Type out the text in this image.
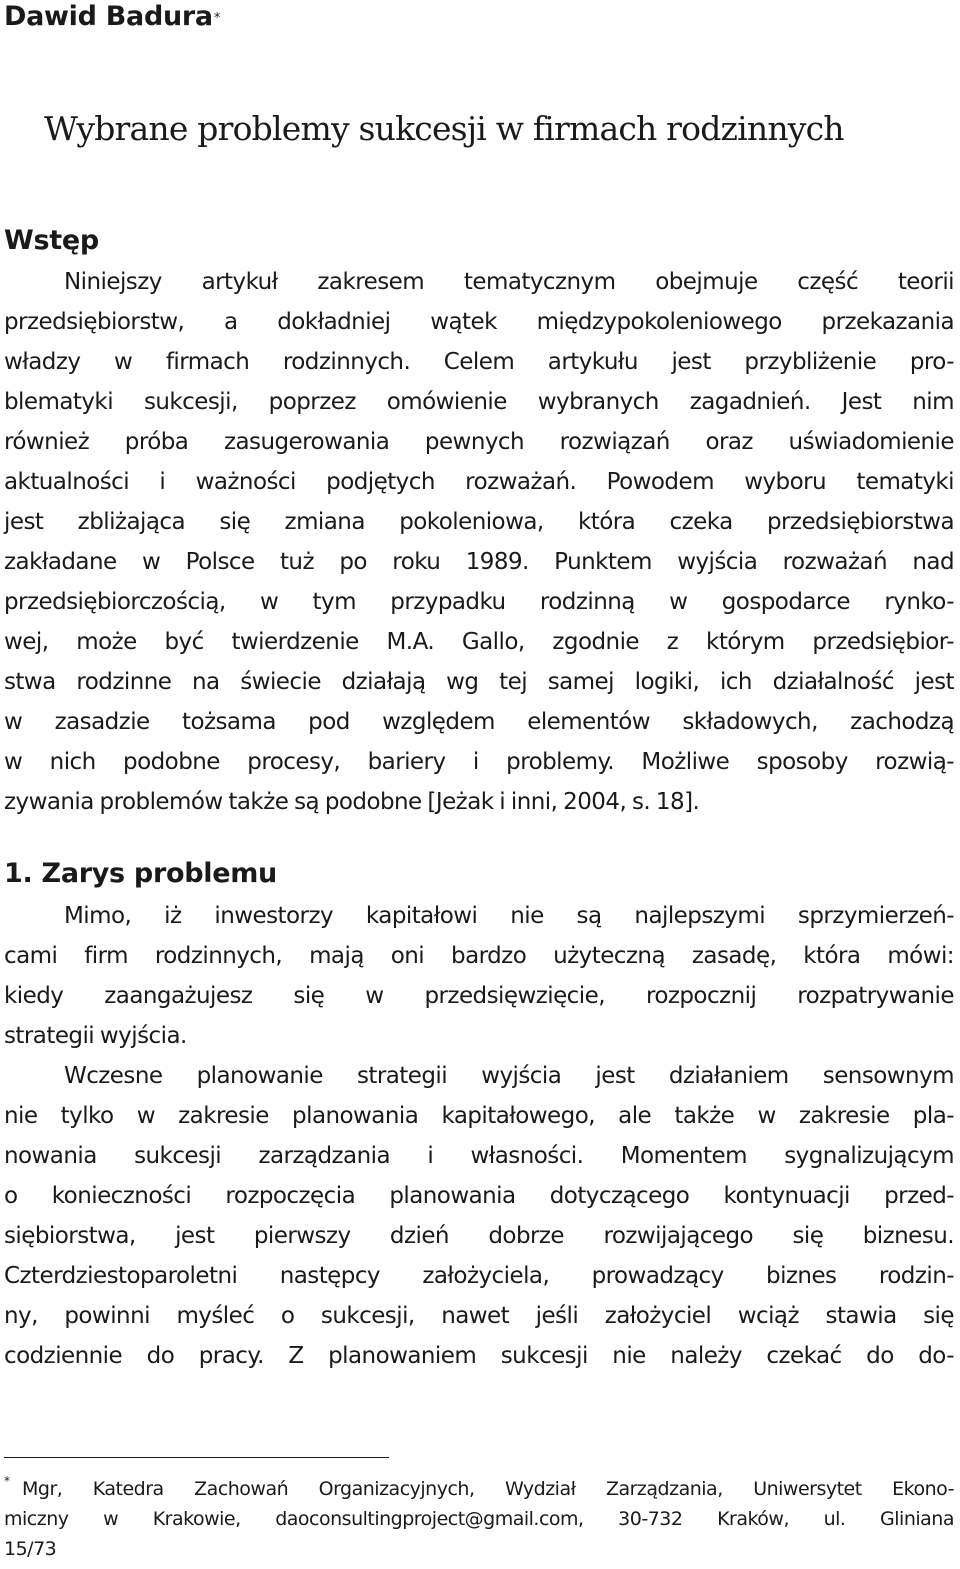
Dawid Badura*
Wybrane problemy sukcesji w firmach rodzinnych
Wstęp
Niniejszy artykuł zakresem tematycznym obejmuje część teorii
przedsiębiorstw, a dokładniej wątek międzypokoleniowego przekazania
władzy w firmach rodzinnych. Celem artykułu jest przybliżenie pro-
blematyki sukcesji, poprzez omówienie wybranych zagadnień. Jest nim
również próba zasugerowania pewnych rozwiązań oraz uświadomienie
aktualności i ważności podjętych rozważań. Powodem wyboru tematyki
jest zbliżająca się zmiana pokoleniowa, która czeka przedsiębiorstwa
zakładane w Polsce tuż po roku 1989. Punktem wyjścia rozważań nad
przedsiębiorczością, w tym przypadku rodzinną w gospodarce rynko-
wej, może być twierdzenie M.A. Gallo, zgodnie z którym przedsiębior-
stwa rodzinne na świecie działają wg tej samej logiki, ich działalność jest
w zasadzie tożsama pod względem elementów składowych, zachodzą
w nich podobne procesy, bariery i problemy. Możliwe sposoby rozwią-
zywania problemów także są podobne [Jeżak i inni, 2004, s. 18].
1. Zarys problemu
Mimo, iż inwestorzy kapitałowi nie są najlepszymi sprzymierzeń-
cami firm rodzinnych, mają oni bardzo użyteczną zasadę, która mówi:
kiedy zaangażujesz się w przedsięwzięcie, rozpocznij rozpatrywanie
strategii wyjścia.
Wczesne planowanie strategii wyjścia jest działaniem sensownym
nie tylko w zakresie planowania kapitałowego, ale także w zakresie pla-
nowania sukcesji zarządzania i własności. Momentem sygnalizującym
o konieczności rozpoczęcia planowania dotyczącego kontynuacji przed-
siębiorstwa, jest pierwszy dzień dobrze rozwijającego się biznesu.
Czterdziestoparoletni następcy założyciela, prowadzący biznes rodzin-
ny, powinni myśleć o sukcesji, nawet jeśli założyciel wciąż stawia się
codziennie do pracy. Z planowaniem sukcesji nie należy czekać do do-
* Mgr, Katedra Zachowań Organizacyjnych, Wydział Zarządzania, Uniwersytet Ekono-
miczny w Krakowie, daoconsultingproject@gmail.com, 30-732 Kraków, ul. Gliniana
15/73
